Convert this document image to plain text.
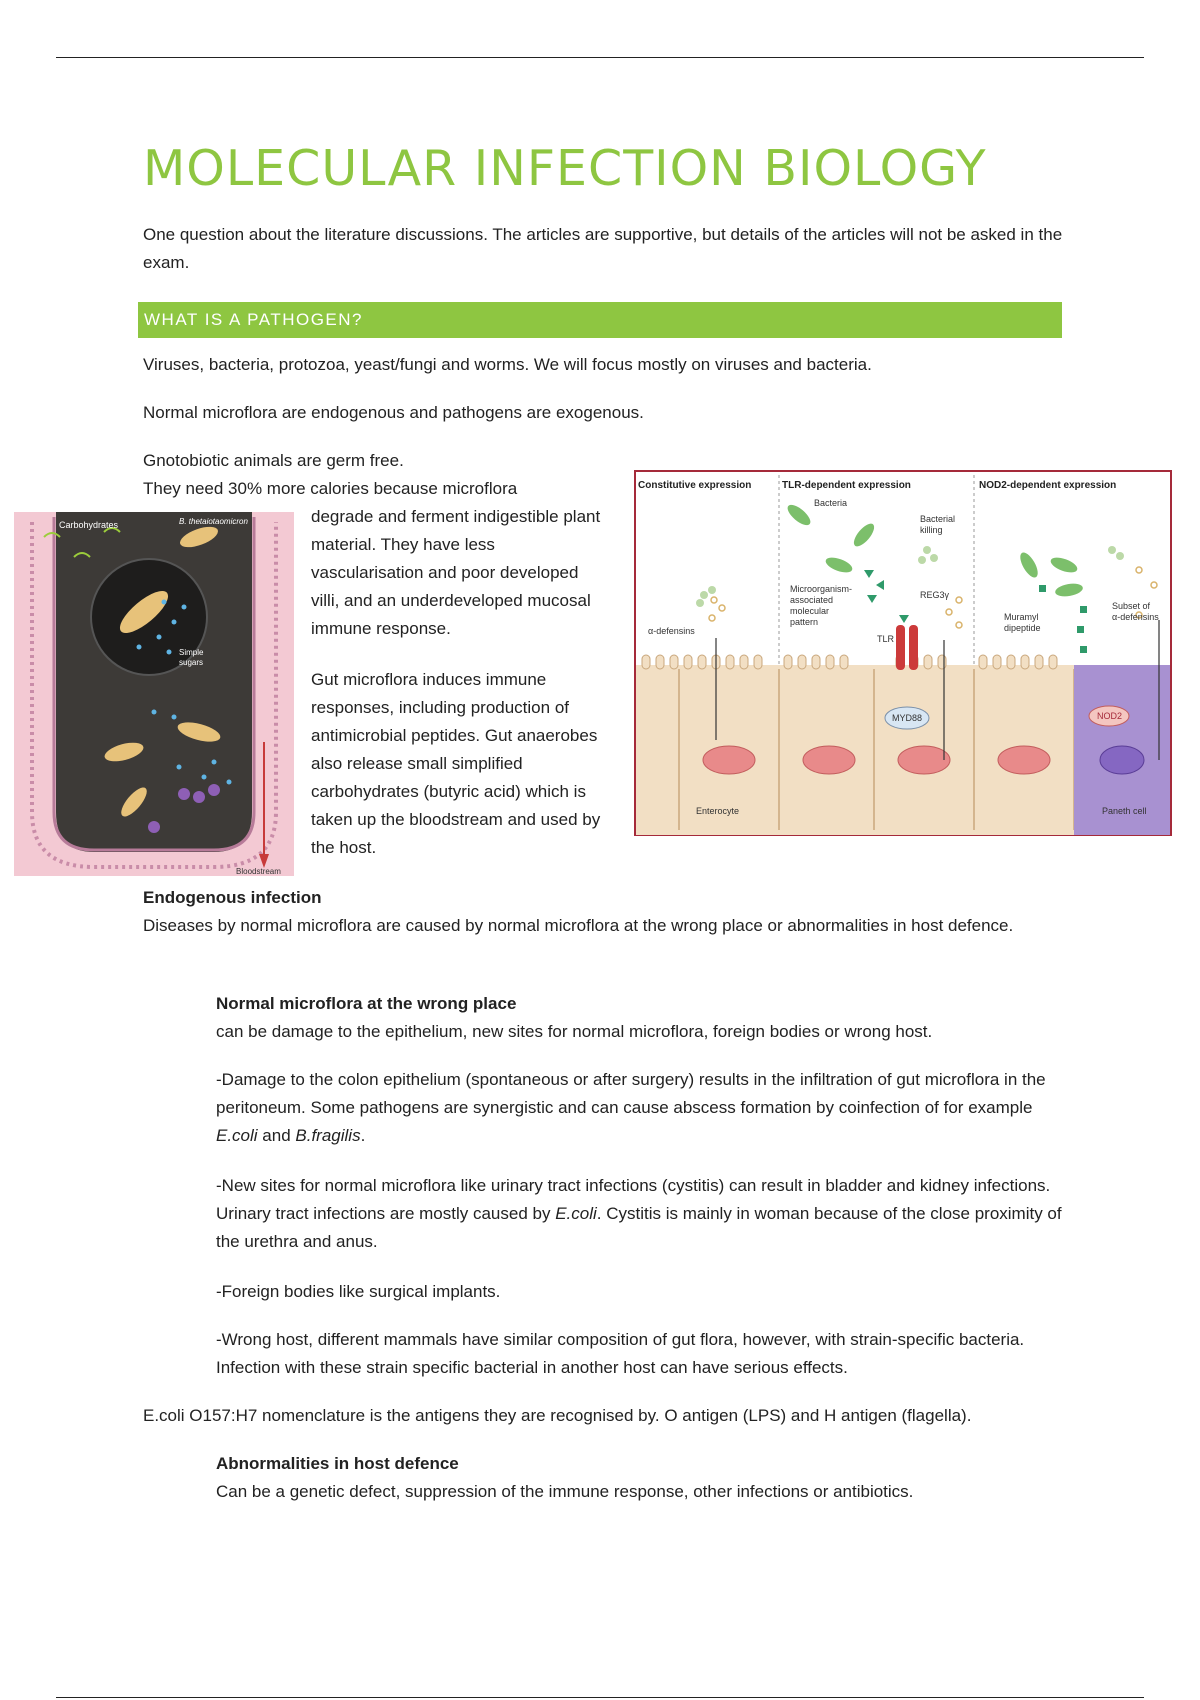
MOLECULAR INFECTION BIOLOGY

One question about the literature discussions. The articles are supportive, but details of the articles will not be asked in the exam.

WHAT IS A PATHOGEN?

Viruses, bacteria, protozoa, yeast/fungi and worms. We will focus mostly on viruses and bacteria.

Normal microflora are endogenous and pathogens are exogenous.

Gnotobiotic animals are germ free.

They need 30% more calories because microflora

degrade and ferment indigestible plant material. They have less vascularisation and poor developed villi, and an underdeveloped mucosal immune response.

Gut microflora induces immune responses, including production of antimicrobial peptides. Gut anaerobes also release small simplified carbohydrates (butyric acid) which is taken up the bloodstream and used by the host.

Carbohydrates	B. thetaiotaomicron
Simple
sugars
Bloodstream
Constitutive expression	TLR-dependent expression	NOD2-dependent expression
Bacteria
Bacterial
killing
α-defensins
Microorganism-
associated
molecular
pattern
REG3γ
TLR
MYD88
Muramyl
dipeptide
Subset of
α-defensins
NOD2
Enterocyte	Paneth cell
Endogenous infection

Diseases by normal microflora are caused by normal microflora at the wrong place or abnormalities in host defence.

Normal microflora at the wrong place

can be damage to the epithelium, new sites for normal microflora, foreign bodies or wrong host.

-Damage to the colon epithelium (spontaneous or after surgery) results in the infiltration of gut microflora in the peritoneum. Some pathogens are synergistic and can cause abscess formation by coinfection of for example E.coli and B.fragilis.

-New sites for normal microflora like urinary tract infections (cystitis) can result in bladder and kidney infections. Urinary tract infections are mostly caused by E.coli. Cystitis is mainly in woman because of the close proximity of the urethra and anus.

-Foreign bodies like surgical implants.

-Wrong host, different mammals have similar composition of gut flora, however, with strain-specific bacteria. Infection with these strain specific bacterial in another host can have serious effects.

E.coli O157:H7 nomenclature is the antigens they are recognised by. O antigen (LPS) and H antigen (flagella).

Abnormalities in host defence

Can be a genetic defect, suppression of the immune response, other infections or antibiotics.
